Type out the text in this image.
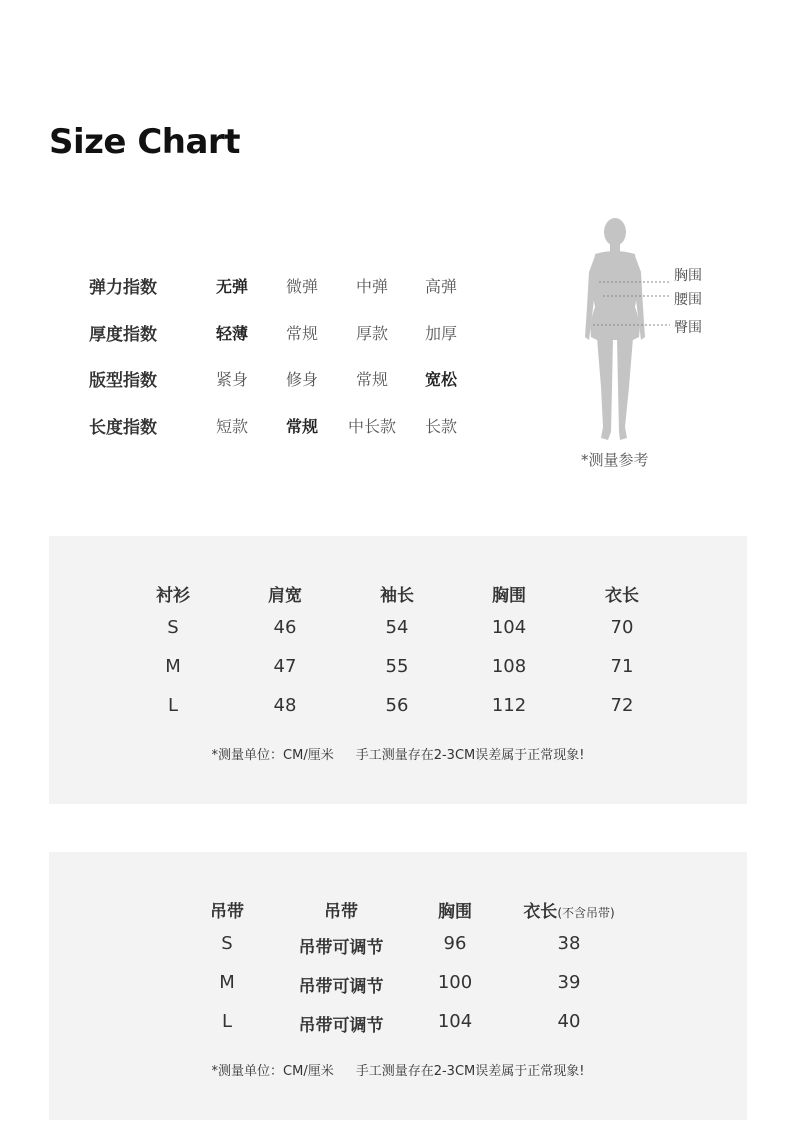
Size Chart
弹力指数	无弹	微弹	中弹	高弹
厚度指数	轻薄	常规	厚款	加厚
版型指数	紧身	修身	常规	宽松
长度指数	短款	常规	中长款	长款
胸围
腰围
臀围
*测量参考
衬衫	肩宽	袖长	胸围	衣长
S	46	54	104	70
M	47	55	108	71
L	48	56	112	72
*测量单位：CM/厘米 手工测量存在2-3CM误差属于正常现象!
吊带	吊带	胸围	衣长(不含吊带)
S	吊带可调节	96	38
M	吊带可调节	100	39
L	吊带可调节	104	40
*测量单位：CM/厘米 手工测量存在2-3CM误差属于正常现象!
